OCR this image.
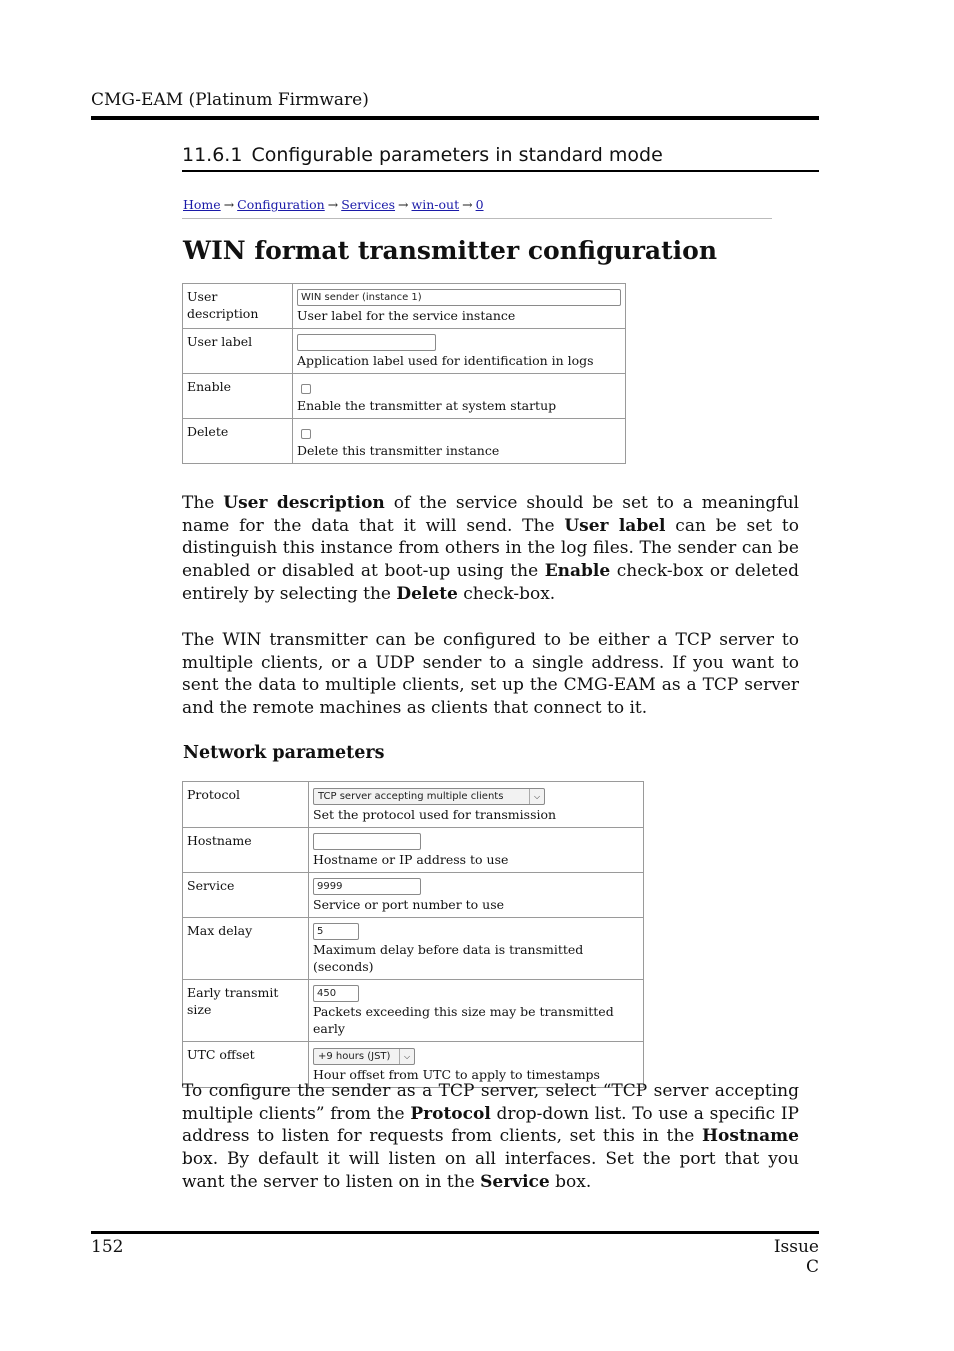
CMG-EAM (Platinum Firmware)
11.6.1 Configurable parameters in standard mode
Home → Configuration → Services → win-out → 0
WIN format transmitter configuration
User description	WIN sender (instance 1)
User label for the service instance

User label	Application label used for identification in logs

Enable	Enable the transmitter at system startup

Delete	Delete this transmitter instance
The User description of the service should be set to a meaningful name for the data that it will send. The User label can be set to distinguish this instance from others in the log files. The sender can be enabled or disabled at boot-up using the Enable check-box or deleted entirely by selecting the Delete check-box.
The WIN transmitter can be configured to be either a TCP server to multiple clients, or a UDP sender to a single address. If you want to sent the data to multiple clients, set up the CMG-EAM as a TCP server and the remote machines as clients that connect to it.
Network parameters
Protocol	TCP server accepting multiple clients ⌵
Set the protocol used for transmission

Hostname	Hostname or IP address to use

Service	9999
Service or port number to use

Max delay	5
Maximum delay before data is transmitted (seconds)

Early transmit size	450
Packets exceeding this size may be transmitted early

UTC offset	+9 hours (JST) ⌵
Hour offset from UTC to apply to timestamps
To configure the sender as a TCP server, select “TCP server accepting multiple clients” from the Protocol drop-down list. To use a specific IP address to listen for requests from clients, set this in the Hostname box. By default it will listen on all interfaces. Set the port that you want the server to listen on in the Service box.
152	Issue C
